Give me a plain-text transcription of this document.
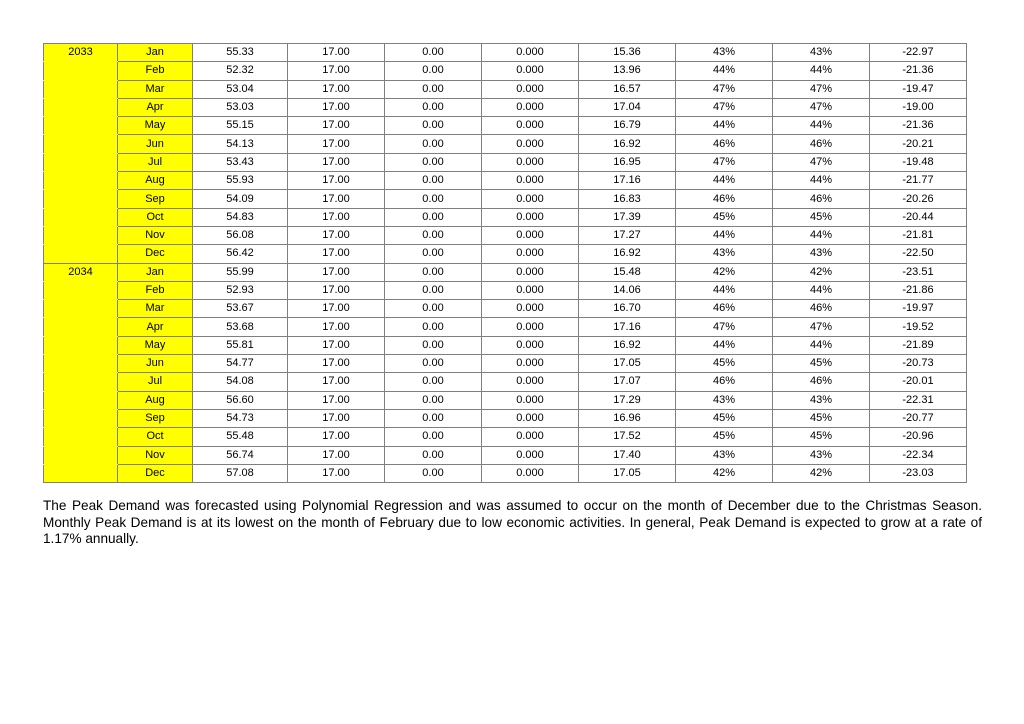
2033	Jan	55.33	17.00	0.00	0.000	15.36	43%	43%	-22.97
	Feb	52.32	17.00	0.00	0.000	13.96	44%	44%	-21.36
	Mar	53.04	17.00	0.00	0.000	16.57	47%	47%	-19.47
	Apr	53.03	17.00	0.00	0.000	17.04	47%	47%	-19.00
	May	55.15	17.00	0.00	0.000	16.79	44%	44%	-21.36
	Jun	54.13	17.00	0.00	0.000	16.92	46%	46%	-20.21
	Jul	53.43	17.00	0.00	0.000	16.95	47%	47%	-19.48
	Aug	55.93	17.00	0.00	0.000	17.16	44%	44%	-21.77
	Sep	54.09	17.00	0.00	0.000	16.83	46%	46%	-20.26
	Oct	54.83	17.00	0.00	0.000	17.39	45%	45%	-20.44
	Nov	56.08	17.00	0.00	0.000	17.27	44%	44%	-21.81
	Dec	56.42	17.00	0.00	0.000	16.92	43%	43%	-22.50
2034	Jan	55.99	17.00	0.00	0.000	15.48	42%	42%	-23.51
	Feb	52.93	17.00	0.00	0.000	14.06	44%	44%	-21.86
	Mar	53.67	17.00	0.00	0.000	16.70	46%	46%	-19.97
	Apr	53.68	17.00	0.00	0.000	17.16	47%	47%	-19.52
	May	55.81	17.00	0.00	0.000	16.92	44%	44%	-21.89
	Jun	54.77	17.00	0.00	0.000	17.05	45%	45%	-20.73
	Jul	54.08	17.00	0.00	0.000	17.07	46%	46%	-20.01
	Aug	56.60	17.00	0.00	0.000	17.29	43%	43%	-22.31
	Sep	54.73	17.00	0.00	0.000	16.96	45%	45%	-20.77
	Oct	55.48	17.00	0.00	0.000	17.52	45%	45%	-20.96
	Nov	56.74	17.00	0.00	0.000	17.40	43%	43%	-22.34
	Dec	57.08	17.00	0.00	0.000	17.05	42%	42%	-23.03

The Peak Demand was forecasted using Polynomial Regression and was assumed to occur on the month of December due to the Christmas Season. Monthly Peak Demand is at its lowest on the month of February due to low economic activities. In general, Peak Demand is expected to grow at a rate of 1.17% annually.
